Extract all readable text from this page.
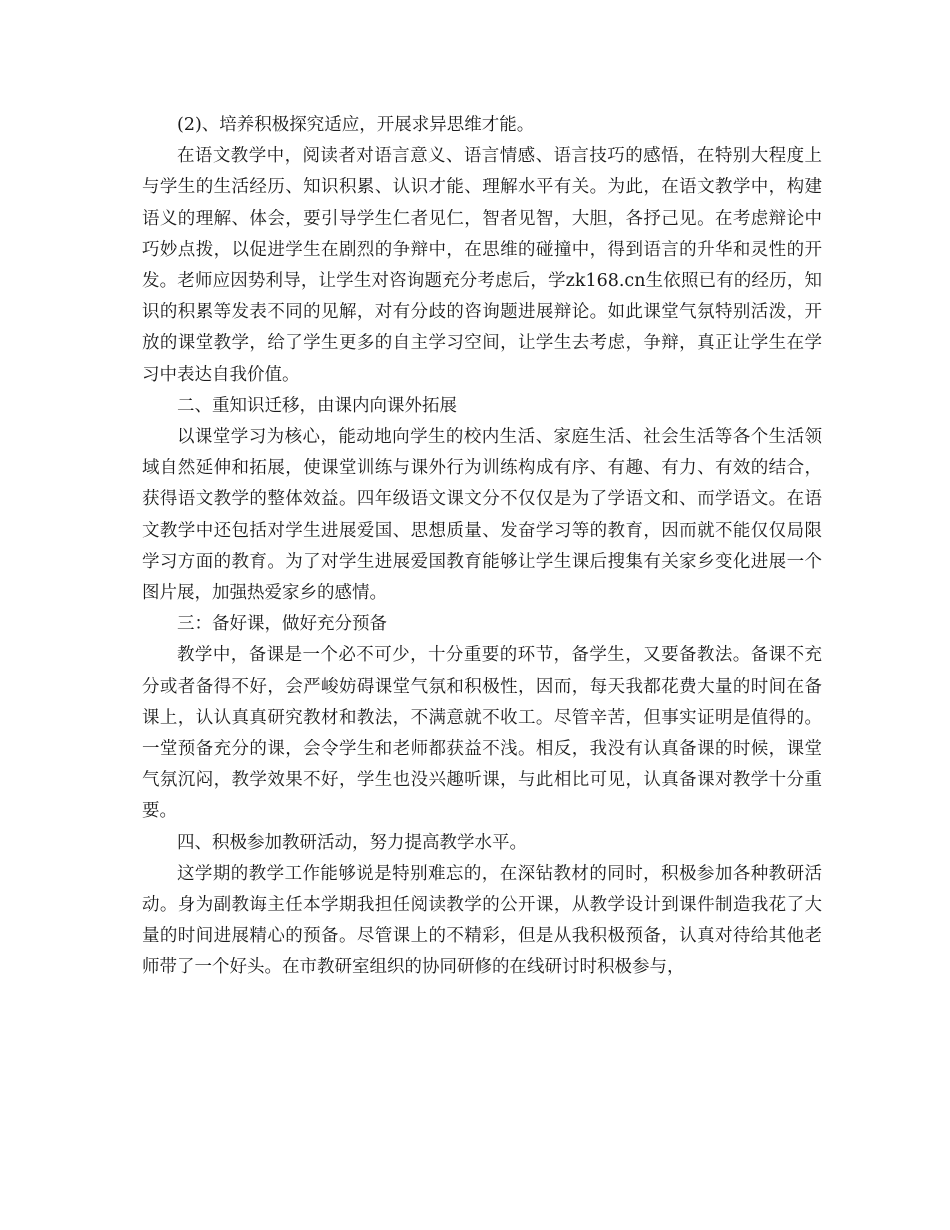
(2)、培养积极探究适应，开展求异思维才能。

在语文教学中，阅读者对语言意义、语言情感、语言技巧的感悟，在特别大程度上与学生的生活经历、知识积累、认识才能、理解水平有关。为此，在语文教学中，构建语义的理解、体会，要引导学生仁者见仁，智者见智，大胆，各抒己见。在考虑辩论中巧妙点拨，以促进学生在剧烈的争辩中，在思维的碰撞中，得到语言的升华和灵性的开发。老师应因势利导，让学生对咨询题充分考虑后，学zk168.cn生依照已有的经历，知识的积累等发表不同的见解，对有分歧的咨询题进展辩论。如此课堂气氛特别活泼，开放的课堂教学，给了学生更多的自主学习空间，让学生去考虑，争辩，真正让学生在学习中表达自我价值。

二、重知识迁移，由课内向课外拓展

以课堂学习为核心，能动地向学生的校内生活、家庭生活、社会生活等各个生活领域自然延伸和拓展，使课堂训练与课外行为训练构成有序、有趣、有力、有效的结合，获得语文教学的整体效益。四年级语文课文分不仅仅是为了学语文和、而学语文。在语文教学中还包括对学生进展爱国、思想质量、发奋学习等的教育，因而就不能仅仅局限学习方面的教育。为了对学生进展爱国教育能够让学生课后搜集有关家乡变化进展一个图片展，加强热爱家乡的感情。

三：备好课，做好充分预备

教学中，备课是一个必不可少，十分重要的环节，备学生，又要备教法。备课不充分或者备得不好，会严峻妨碍课堂气氛和积极性，因而，每天我都花费大量的时间在备课上，认认真真研究教材和教法，不满意就不收工。尽管辛苦，但事实证明是值得的。一堂预备充分的课，会令学生和老师都获益不浅。相反，我没有认真备课的时候，课堂气氛沉闷，教学效果不好，学生也没兴趣听课，与此相比可见，认真备课对教学十分重要。

四、积极参加教研活动，努力提高教学水平。

这学期的教学工作能够说是特别难忘的，在深钻教材的同时，积极参加各种教研活动。身为副教诲主任本学期我担任阅读教学的公开课，从教学设计到课件制造我花了大量的时间进展精心的预备。尽管课上的不精彩，但是从我积极预备，认真对待给其他老师带了一个好头。在市教研室组织的协同研修的在线研讨时积极参与，
